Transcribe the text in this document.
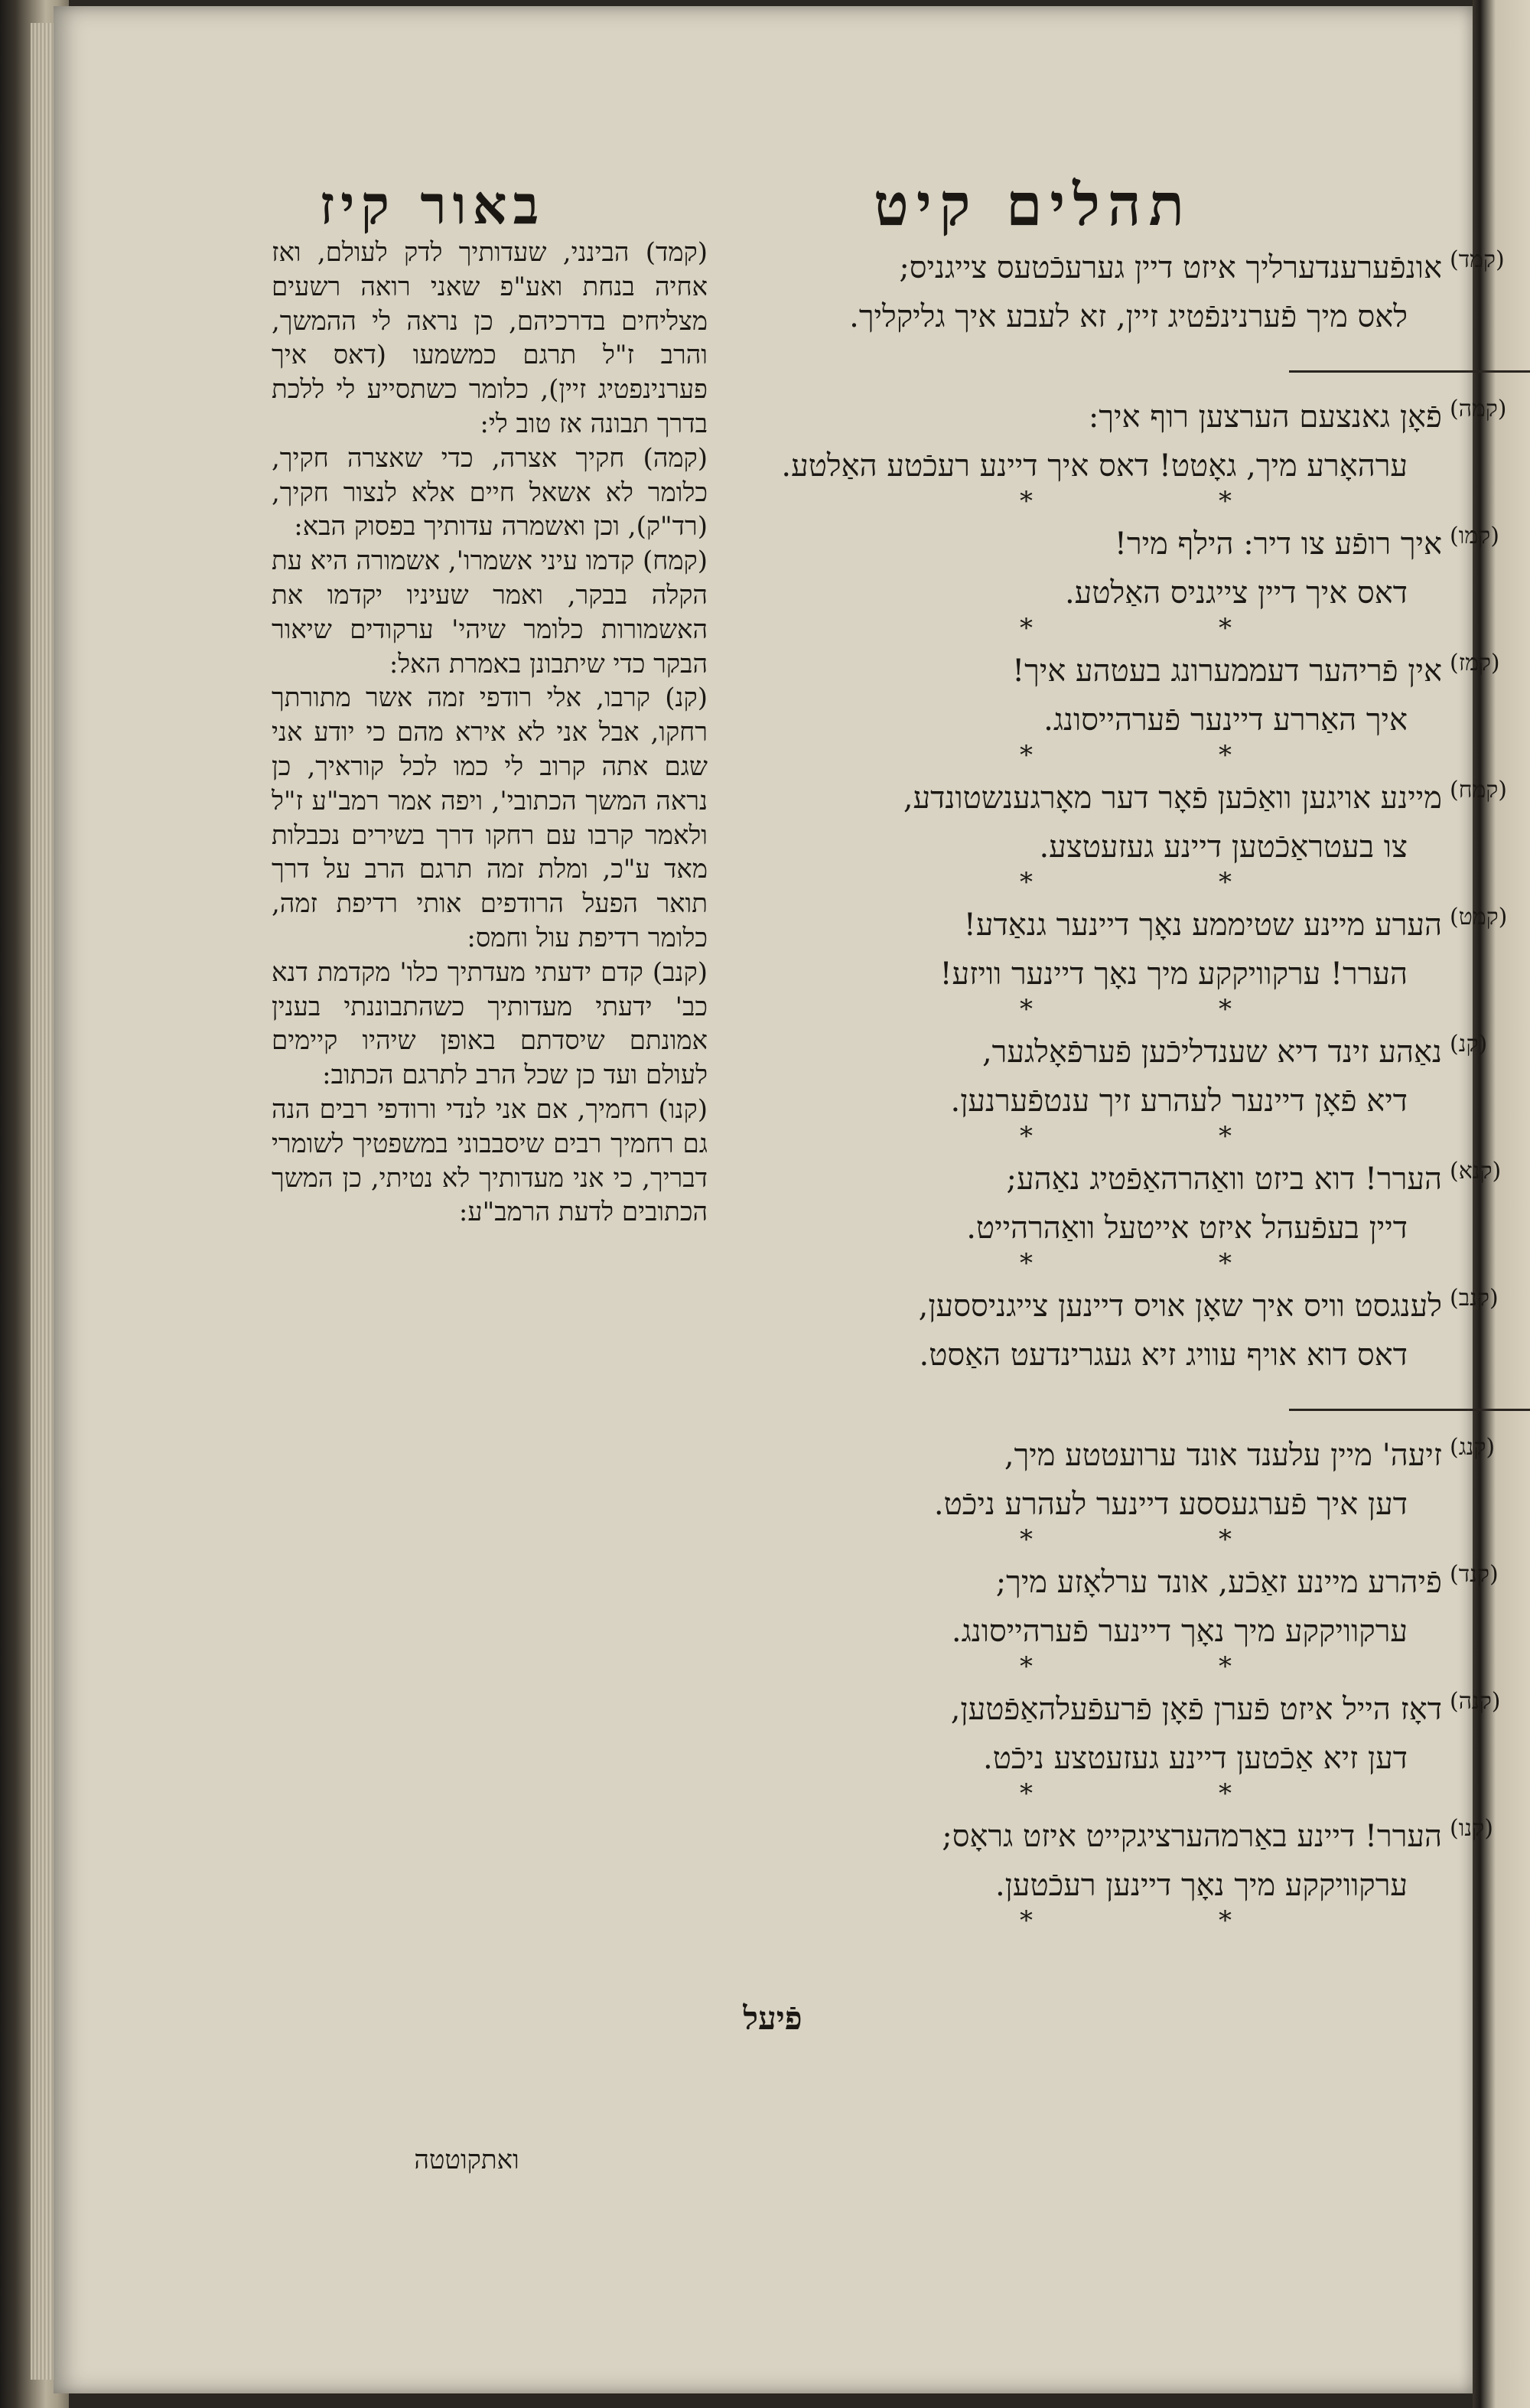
תהלים קיט
באור קיז

(קמד) הבינני, שעדותיך לדק לעולם, ואז אחיה בנחת ואע"פ שאני רואה רשעים מצליחים בדרכיהם, כן נראה לי ההמשך, והרב ז"ל תרגם כמשמעו (דאס איך פערנינפטיג זיין), כלומר כשתסייע לי ללכת בדרך תבונה אז טוב לי:

(קמה) חקיך אצרה, כדי שאצרה חקיך, כלומר לא אשאל חיים אלא לנצור חקיך, (רד"ק), וכן ואשמרה עדותיך בפסוק הבא:

(קמח) קדמו עיני אשמרו', אשמורה היא עת הקלה בבקר, ואמר שעיניו יקדמו את האשמורות כלומר שיהי' ערקודים שיאור הבקר כדי שיתבונן באמרת האל:

(קנ) קרבו, אלי רודפי זמה אשר מתורתך רחקו, אבל אני לא אירא מהם כי יודע אני שגם אתה קרוב לי כמו לכל קוראיך, כן נראה המשך הכתובי', ויפה אמר רמב"ע ז"ל ולאמר קרבו עם רחקו דרך בשירים נכבלות מאד ע"כ, ומלת זמה תרגם הרב על דרך תואר הפעל הרודפים אותי רדיפת זמה, כלומר רדיפת עול וחמס:

(קנב) קדם ידעתי מעדתיך כלו' מקדמת דנא כב' ידעתי מעדותיך כשהתבוננתי בענין אמונתם שיסדתם באופן שיהיו קיימים לעולם ועד כן שכל הרב לתרגם הכתוב:

(קנו) רחמיך, אם אני לנדי ורודפי רבים הנה גם רחמיך רבים שיסבבוני במשפטיך לשומרי דבריך, כי אני מעדותיך לא נטיתי, כן המשך הכתובים לדעת הרמב"ע:

(קמד)
אונפֿערענדערליך איזט דיין גערעכֿטעס צייגניס;
לאס מיך פֿערנינפֿטיג זיין, זא לעבע איך גליקליך.
(קמה)
פֿאָן גאנצעם הערצען רוף איך:
ערהאָרע מיך, גאָטט! דאס איך דיינע רעכֿטע האַלטע.
*
*
(קמו)
איך רופֿע צו דיר: הילף מיר!
דאס איך דיין צייגניס האַלטע.
*
*
(קמז)
אין פֿריהער דעממערונג בעטהע איך!
איך האַררע דיינער פֿערהייסונג.
*
*
(קמח)
מיינע אויגען וואַכֿען פֿאָר דער מאָרגענשטונדע,
צו בעטראַכֿטען דיינע געזעטצע.
*
*
(קמט)
הערע מיינע שטיממע נאָך דיינער גנאַדע!
הערר! ערקוויקקע מיך נאָך דיינער וויזע!
*
*
(קנ)
נאַהע זינד דיא שענדליכֿען פֿערפֿאָלגער,
דיא פֿאָן דיינער לעהרע זיך ענטפֿערנען.
*
*
(קנא)
הערר! דוא ביזט וואַהרהאַפֿטיג נאַהע;
דיין בעפֿעהל איזט אייטעל וואַהרהייט.
*
*
(קנב)
לענגסט וויס איך שאָן אויס דיינען צייגניססען,
דאס דוא אויף עוויג זיא געגרינדעט האַסט.
(קנג)
זיעה' מיין עלענד אונד ערועטטע מיך,
דען איך פֿערגעססע דיינער לעהרע ניכֿט.
*
*
(קנד)
פֿיהרע מיינע זאַכֿע, אונד ערלאָזע מיך;
ערקוויקקע מיך נאָך דיינער פֿערהייסונג.
*
*
(קנה)
דאָז הייל איזט פֿערן פֿאָן פֿרעפֿעלהאַפֿטען,
דען זיא אַכֿטען דיינע געזעטצע ניכֿט.
*
*
(קנו)
הערר! דיינע באַרמהערציגקייט איזט גראָס;
ערקוויקקע מיך נאָך דיינען רעכֿטען.
*
*
פֿיעל
ואתקוטטה
